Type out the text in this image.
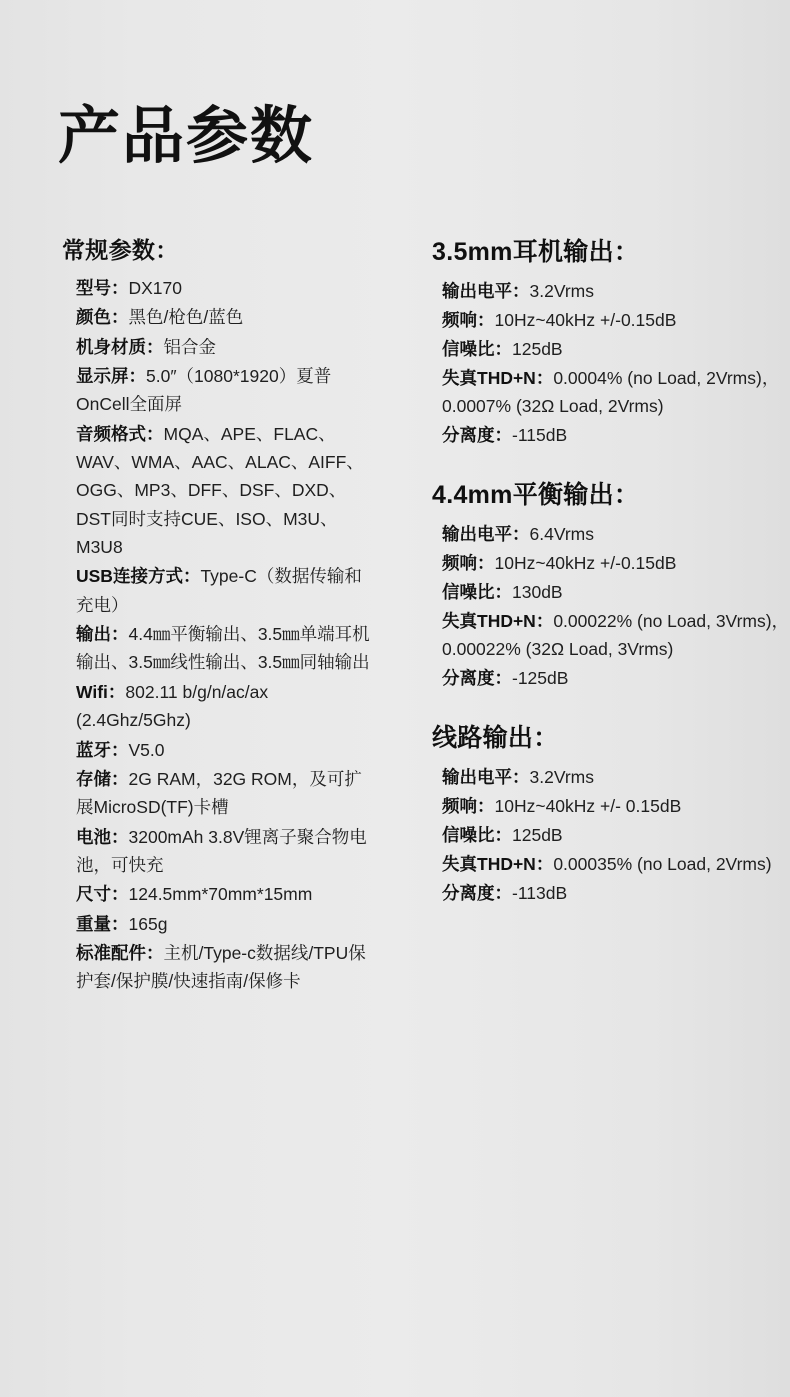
产品参数
常规参数：
型号：DX170
颜色：黑色/枪色/蓝色
机身材质：铝合金
显示屏：5.0″（1080*1920）夏普OnCell全面屏
音频格式：MQA、APE、FLAC、WAV、WMA、AAC、ALAC、AIFF、OGG、MP3、DFF、DSF、DXD、DST同时支持CUE、ISO、M3U、M3U8
USB连接方式：Type-C（数据传输和充电）
输出：4.4㎜平衡输出、3.5㎜单端耳机输出、3.5㎜线性输出、3.5㎜同轴输出
Wifi：802.11 b/g/n/ac/ax (2.4Ghz/5Ghz)
蓝牙：V5.0
存储：2G RAM，32G ROM，及可扩展MicroSD(TF)卡槽
电池：3200mAh 3.8V锂离子聚合物电池，可快充
尺寸：124.5mm*70mm*15mm
重量：165g
标准配件：主机/Type-c数据线/TPU保护套/保护膜/快速指南/保修卡
3.5mm耳机输出：
输出电平：3.2Vrms
频响：10Hz~40kHz +/-0.15dB
信噪比：125dB
失真THD+N：0.0004% (no Load, 2Vrms)，0.0007% (32Ω Load, 2Vrms)
分离度：-115dB
4.4mm平衡输出：
输出电平：6.4Vrms
频响：10Hz~40kHz +/-0.15dB
信噪比：130dB
失真THD+N：0.00022% (no Load, 3Vrms)，0.00022% (32Ω Load, 3Vrms)
分离度：-125dB
线路输出：
输出电平：3.2Vrms
频响：10Hz~40kHz +/- 0.15dB
信噪比：125dB
失真THD+N：0.00035% (no Load, 2Vrms)
分离度：-113dB
